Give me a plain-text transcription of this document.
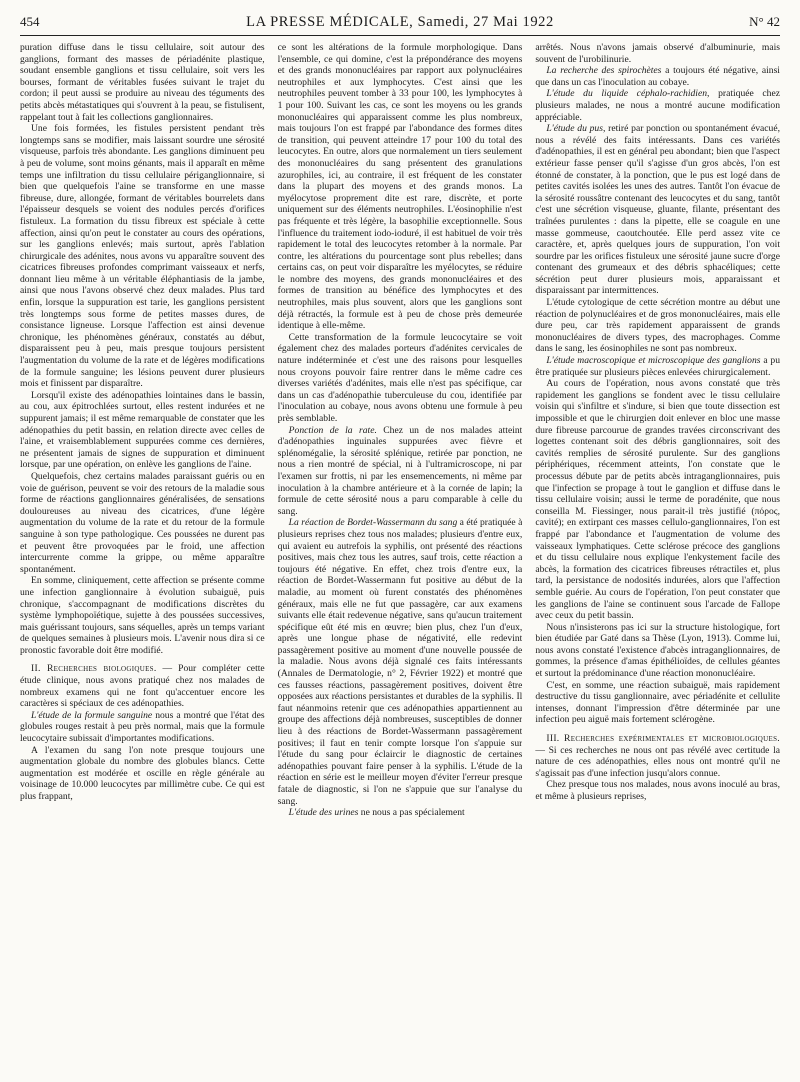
454	LA PRESSE MÉDICALE, Samedi, 27 Mai 1922	N° 42

puration diffuse dans le tissu cellulaire, soit autour des ganglions, formant des masses de périadénite plastique, soudant ensemble ganglions et tissu cellulaire, soit vers les bourses, formant de véritables fusées suivant le trajet du cordon; il peut aussi se produire au niveau des téguments des petits abcès métastatiques qui s'ouvrent à la peau, se fistulisent, rappelant tout à fait les collections ganglionnaires.

Une fois formées, les fistules persistent pendant très longtemps sans se modifier, mais laissant sourdre une sérosité visqueuse, parfois très abondante. Les ganglions diminuent peu à peu de volume, sont moins génants, mais il apparaît en même temps une infiltration du tissu cellulaire périganglionnaire, si bien que quelquefois l'aine se transforme en une masse fibreuse, dure, allongée, formant de véritables bourrelets dans l'épaisseur desquels se voient des nodules percés d'orifices fistuleux. La formation du tissu fibreux est spéciale à cette affection, ainsi qu'on peut le constater au cours des opérations, sur les ganglions enlevés; mais surtout, après l'ablation chirurgicale des adénites, nous avons vu apparaître souvent des cicatrices fibreuses profondes comprimant vaisseaux et nerfs, donnant lieu même à un véritable éléphantiasis de la jambe, ainsi que nous l'avons observé chez deux malades. Plus tard enfin, lorsque la suppuration est tarie, les ganglions persistent très longtemps sous forme de petites masses dures, de consistance ligneuse. Lorsque l'affection est ainsi devenue chronique, les phénomènes généraux, constatés au début, disparaissent peu à peu, mais presque toujours persistent l'augmentation du volume de la rate et de légères modifications de la formule sanguine; les lésions peuvent durer plusieurs mois et finissent par disparaître.

Lorsqu'il existe des adénopathies lointaines dans le bassin, au cou, aux épitrochlées surtout, elles restent indurées et ne suppurent jamais; il est même remarquable de constater que les adénopathies du petit bassin, en relation directe avec celles de l'aine, et vraisemblablement suppurées comme ces dernières, ne présentent jamais de signes de suppuration et diminuent lorsque, par une opération, on enlève les ganglions de l'aine.

Quelquefois, chez certains malades paraissant guéris ou en voie de guérison, peuvent se voir des retours de la maladie sous forme de réactions ganglionnaires généralisées, de sensations douloureuses au niveau des cicatrices, d'une légère augmentation du volume de la rate et du retour de la formule sanguine à son type pathologique. Ces poussées ne durent pas et peuvent être provoquées par le froid, une affection intercurrente comme la grippe, ou même apparaître spontanément.

En somme, cliniquement, cette affection se présente comme une infection ganglionnaire à évolution subaiguë, puis chronique, s'accompagnant de modifications discrètes du système lymphopoïétique, sujette à des poussées successives, mais guérissant toujours, sans séquelles, après un temps variant de quelques semaines à plusieurs mois. L'avenir nous dira si ce pronostic favorable doit être modifié.

II. Recherches biologiques. — Pour compléter cette étude clinique, nous avons pratiqué chez nos malades de nombreux examens qui ne font qu'accentuer encore les caractères si spéciaux de ces adénopathies.

L'étude de la formule sanguine nous a montré que l'état des globules rouges restait à peu près normal, mais que la formule leucocytaire subissait d'importantes modifications.

A l'examen du sang l'on note presque toujours une augmentation globale du nombre des globules blancs. Cette augmentation est modérée et oscille en règle générale au voisinage de 10.000 leucocytes par millimètre cube. Ce qui est plus frappant,

ce sont les altérations de la formule morphologique. Dans l'ensemble, ce qui domine, c'est la prépondérance des moyens et des grands mononucléaires par rapport aux polynucléaires neutrophiles et aux lymphocytes. C'est ainsi que les neutrophiles peuvent tomber à 33 pour 100, les lymphocytes à 1 pour 100. Suivant les cas, ce sont les moyens ou les grands mononucléaires qui apparaissent comme les plus nombreux, mais toujours l'on est frappé par l'abondance des formes dites de transition, qui peuvent atteindre 17 pour 100 du total des leucocytes. En outre, alors que normalement un tiers seulement des mononucléaires du sang présentent des granulations azurophiles, ici, au contraire, il est fréquent de les constater dans la plupart des moyens et des grands monos. La myélocytose proprement dite est rare, discrète, et porte uniquement sur des éléments neutrophiles. L'éosinophilie n'est pas fréquente et très légère, la basophilie exceptionnelle. Sous l'influence du traitement iodo-ioduré, il est habituel de voir très rapidement le total des leucocytes retomber à la normale. Par contre, les altérations du pourcentage sont plus rebelles; dans certains cas, on peut voir disparaître les myélocytes, se réduire le nombre des moyens, des grands mononucléaires et des formes de transition au bénéfice des lymphocytes et des neutrophiles, mais plus souvent, alors que les ganglions sont déjà rétractés, la formule est à peu de chose près demeurée identique à elle-même.

Cette transformation de la formule leucocytaire se voit également chez des malades porteurs d'adénites cervicales de nature indéterminée et c'est une des raisons pour lesquelles nous croyons pouvoir faire rentrer dans le même cadre ces diverses variétés d'adénites, mais elle n'est pas spécifique, car dans un cas d'adénopathie tuberculeuse du cou, identifiée par l'inoculation au cobaye, nous avons obtenu une formule à peu près semblable.

Ponction de la rate. Chez un de nos malades atteint d'adénopathies inguinales suppurées avec fièvre et splénomégalie, la sérosité splénique, retirée par ponction, ne nous a rien montré de spécial, ni à l'ultramicroscope, ni par l'examen sur frottis, ni par les ensemencements, ni même par inoculation à la chambre antérieure et à la cornée de lapin; la formule de cette sérosité nous a paru comparable à celle du sang.

La réaction de Bordet-Wassermann du sang a été pratiquée à plusieurs reprises chez tous nos malades; plusieurs d'entre eux, qui avaient eu autrefois la syphilis, ont présenté des réactions positives, mais chez tous les autres, sauf trois, cette réaction a toujours été négative. En effet, chez trois d'entre eux, la réaction de Bordet-Wassermann fut positive au début de la maladie, au moment où furent constatés des phénomènes généraux, mais elle ne fut que passagère, car aux examens suivants elle était redevenue négative, sans qu'aucun traitement spécifique eût été mis en œuvre; bien plus, chez l'un d'eux, après une longue phase de négativité, elle redevint passagèrement positive au moment d'une nouvelle poussée de la maladie. Nous avons déjà signalé ces faits intéressants (Annales de Dermatologie, n° 2, Février 1922) et montré que ces fausses réactions, passagèrement positives, doivent être opposées aux réactions persistantes et durables de la syphilis. Il faut néanmoins retenir que ces adénopathies appartiennent au groupe des affections déjà nombreuses, susceptibles de donner lieu à des réactions de Bordet-Wassermann passagèrement positives; il faut en tenir compte lorsque l'on s'appuie sur l'étude du sang pour éclaircir le diagnostic de certaines adénopathies pouvant faire penser à la syphilis. L'étude de la réaction en série est le meilleur moyen d'éviter l'erreur presque fatale de diagnostic, si l'on ne s'appuie que sur l'analyse du sang.

L'étude des urines ne nous a pas spécialement

arrêtés. Nous n'avons jamais observé d'albuminurie, mais souvent de l'urobilinurie.

La recherche des spirochètes a toujours été négative, ainsi que dans un cas l'inoculation au cobaye.

L'étude du liquide céphalo-rachidien, pratiquée chez plusieurs malades, ne nous a montré aucune modification appréciable.

L'étude du pus, retiré par ponction ou spontanément évacué, nous a révélé des faits intéressants. Dans ces variétés d'adénopathies, il est en général peu abondant; bien que l'aspect extérieur fasse penser qu'il s'agisse d'un gros abcès, l'on est étonné de constater, à la ponction, que le pus est logé dans de petites cavités isolées les unes des autres. Tantôt l'on évacue de la sérosité roussâtre contenant des leucocytes et du sang, tantôt c'est une sécrétion visqueuse, gluante, filante, présentant des traînées purulentes : dans la pipette, elle se coagule en une masse gommeuse, caoutchoutée. Elle perd assez vite ce caractère, et, après quelques jours de suppuration, l'on voit sourdre par les orifices fistuleux une sérosité jaune sucre d'orge contenant des grumeaux et des débris sphacéliques; cette sécrétion peut durer plusieurs mois, apparaissant et disparaissant par intermittences.

L'étude cytologique de cette sécrétion montre au début une réaction de polynucléaires et de gros mononucléaires, mais elle dure peu, car très rapidement apparaissent de grands mononucléaires de divers types, des macrophages. Comme dans le sang, les éosinophiles ne sont pas nombreux.

L'étude macroscopique et microscopique des ganglions a pu être pratiquée sur plusieurs pièces enlevées chirurgicalement.

Au cours de l'opération, nous avons constaté que très rapidement les ganglions se fondent avec le tissu cellulaire voisin qui s'infiltre et s'indure, si bien que toute dissection est impossible et que le chirurgien doit enlever en bloc une masse dure fibreuse parcourue de grandes travées circonscrivant des logettes contenant soit des débris ganglionnaires, soit des cavités remplies de sérosité purulente. Sur des ganglions périphériques, récemment atteints, l'on constate que le processus débute par de petits abcès intraganglionnaires, puis que l'infection se propage à tout le ganglion et diffuse dans le tissu cellulaire voisin; aussi le terme de poradénite, que nous conseilla M. Fiessinger, nous parait-il très justifié (πόρος, cavité); en extirpant ces masses cellulo-ganglionnaires, l'on est frappé par l'abondance et l'augmentation de volume des vaisseaux lymphatiques. Cette sclérose précoce des ganglions et du tissu cellulaire nous explique l'enkystement facile des abcès, la formation des cicatrices fibreuses rétractiles et, plus tard, la persistance de nodosités indurées, alors que l'affection semble guérie. Au cours de l'opération, l'on peut constater que les ganglions de l'aine se continuent sous l'arcade de Fallope avec ceux du petit bassin.

Nous n'insisterons pas ici sur la structure histologique, fort bien étudiée par Gaté dans sa Thèse (Lyon, 1913). Comme lui, nous avons constaté l'existence d'abcès intraganglionnaires, de gommes, la présence d'amas épithélioïdes, de cellules géantes et surtout la prédominance d'une réaction mononucléaire.

C'est, en somme, une réaction subaiguë, mais rapidement destructive du tissu ganglionnaire, avec périadénite et cellulite intenses, donnant l'impression d'être déterminée par une infection peu aiguë mais fortement sclérogène.

III. Recherches expérimentales et microbiologiques. — Si ces recherches ne nous ont pas révélé avec certitude la nature de ces adénopathies, elles nous ont montré qu'il ne s'agissait pas d'une infection jusqu'alors connue.

Chez presque tous nos malades, nous avons inoculé au bras, et même à plusieurs reprises,
